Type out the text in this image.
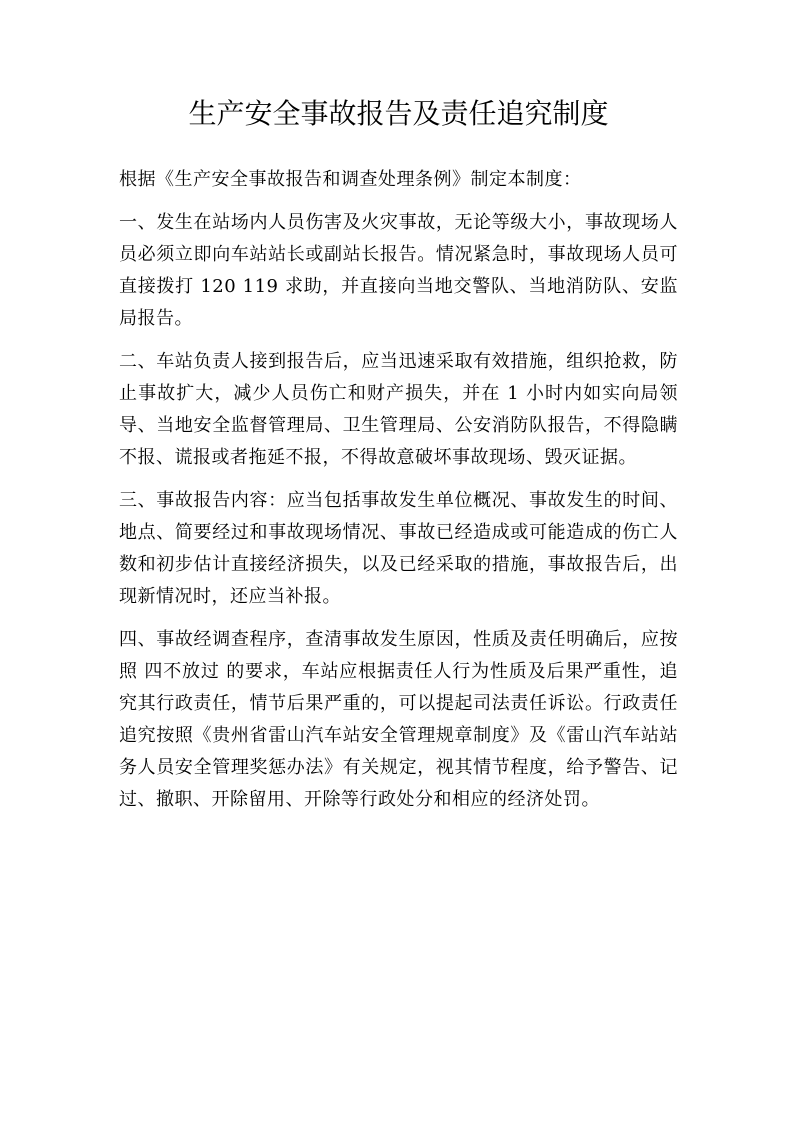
生产安全事故报告及责任追究制度

根据《生产安全事故报告和调查处理条例》制定本制度：

一、发生在站场内人员伤害及火灾事故，无论等级大小，事故现场人员必须立即向车站站长或副站长报告。情况紧急时，事故现场人员可直接拨打 120 119 求助，并直接向当地交警队、当地消防队、安监局报告。

二、车站负责人接到报告后，应当迅速采取有效措施，组织抢救，防止事故扩大，减少人员伤亡和财产损失，并在 1 小时内如实向局领导、当地安全监督管理局、卫生管理局、公安消防队报告，不得隐瞒不报、谎报或者拖延不报，不得故意破坏事故现场、毁灭证据。

三、事故报告内容：应当包括事故发生单位概况、事故发生的时间、地点、简要经过和事故现场情况、事故已经造成或可能造成的伤亡人数和初步估计直接经济损失，以及已经采取的措施，事故报告后，出现新情况时，还应当补报。

四、事故经调查程序，查清事故发生原因，性质及责任明确后，应按照 四不放过 的要求，车站应根据责任人行为性质及后果严重性，追究其行政责任，情节后果严重的，可以提起司法责任诉讼。行政责任追究按照《贵州省雷山汽车站安全管理规章制度》及《雷山汽车站站务人员安全管理奖惩办法》有关规定，视其情节程度，给予警告、记过、撤职、开除留用、开除等行政处分和相应的经济处罚。
